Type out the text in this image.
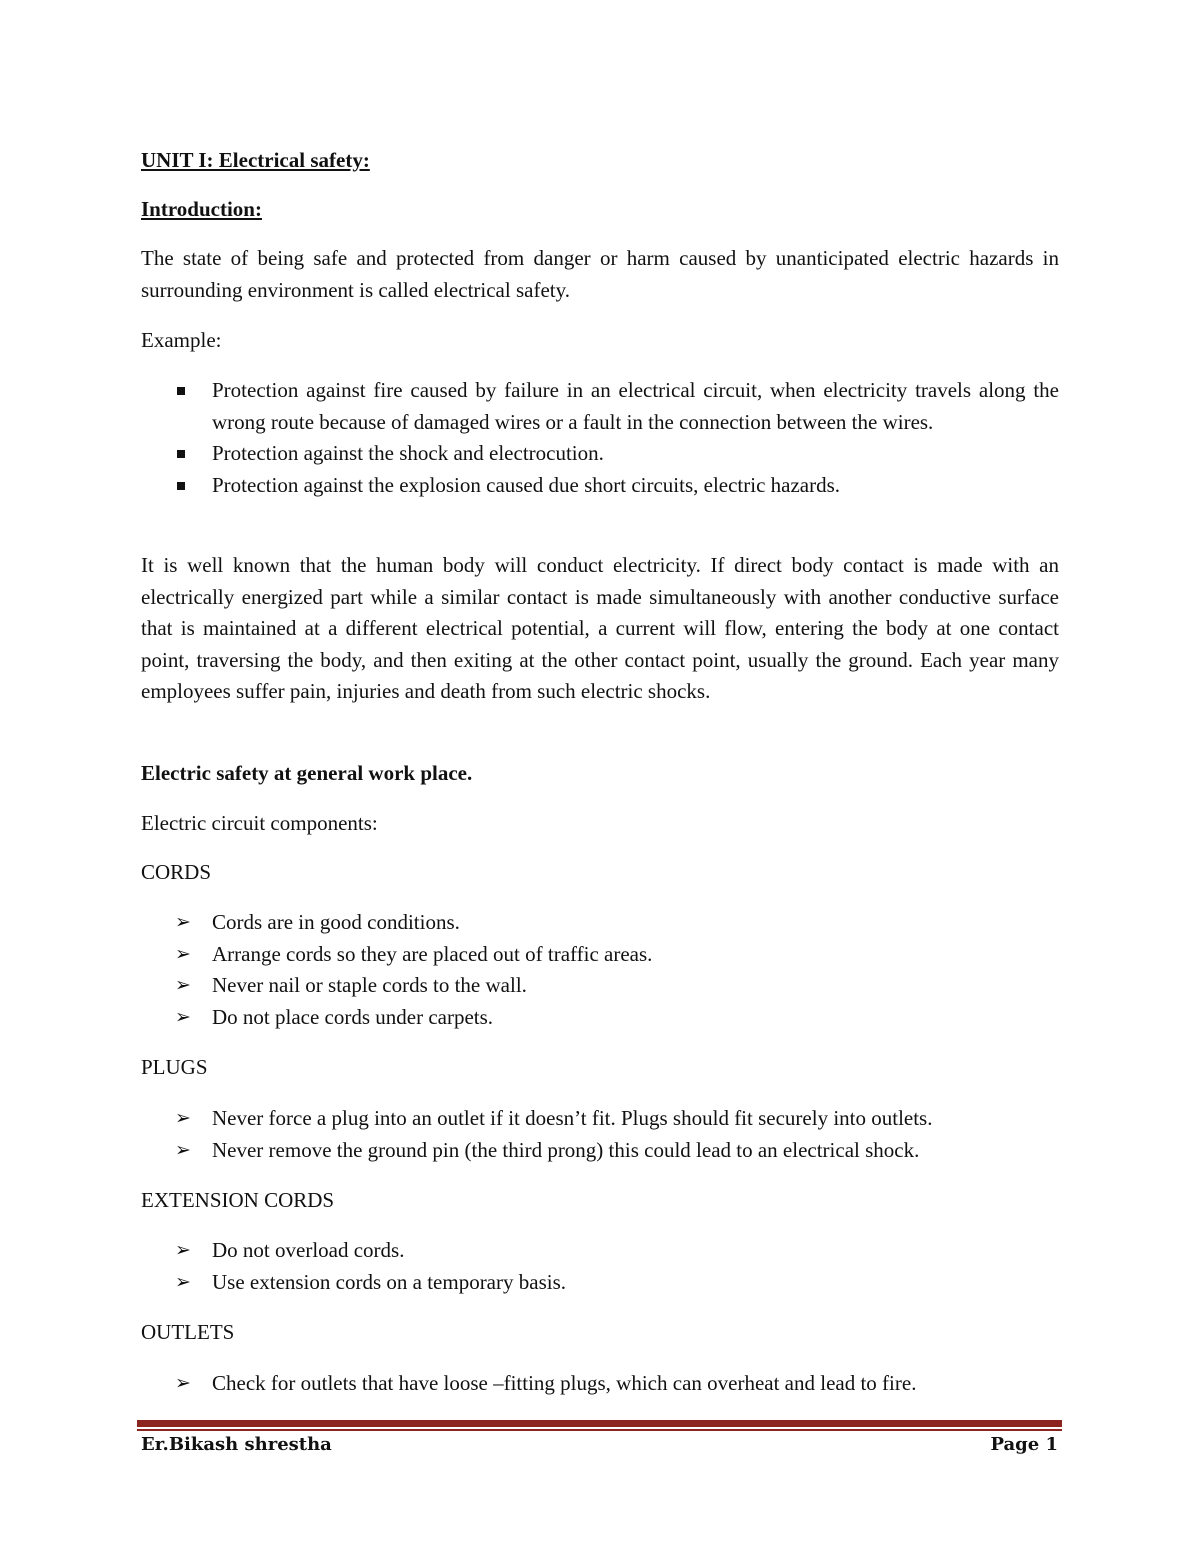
UNIT I: Electrical safety:

Introduction:

The state of being safe and protected from danger or harm caused by unanticipated electric hazards in surrounding environment is called electrical safety.

Example:

Protection against fire caused by failure in an electrical circuit, when electricity travels along the wrong route because of damaged wires or a fault in the connection between the wires.
Protection against the shock and electrocution.
Protection against the explosion caused due short circuits, electric hazards.

It is well known that the human body will conduct electricity. If direct body contact is made with an electrically energized part while a similar contact is made simultaneously with another conductive surface that is maintained at a different electrical potential, a current will flow, entering the body at one contact point, traversing the body, and then exiting at the other contact point, usually the ground. Each year many employees suffer pain, injuries and death from such electric shocks.

Electric safety at general work place.

Electric circuit components:

CORDS

➢ Cords are in good conditions.
➢ Arrange cords so they are placed out of traffic areas.
➢ Never nail or staple cords to the wall.
➢ Do not place cords under carpets.

PLUGS

➢ Never force a plug into an outlet if it doesn’t fit. Plugs should fit securely into outlets.
➢ Never remove the ground pin (the third prong) this could lead to an electrical shock.

EXTENSION CORDS

➢ Do not overload cords.
➢ Use extension cords on a temporary basis.

OUTLETS

➢ Check for outlets that have loose –fitting plugs, which can overheat and lead to fire.
Er.Bikash shrestha	Page 1
